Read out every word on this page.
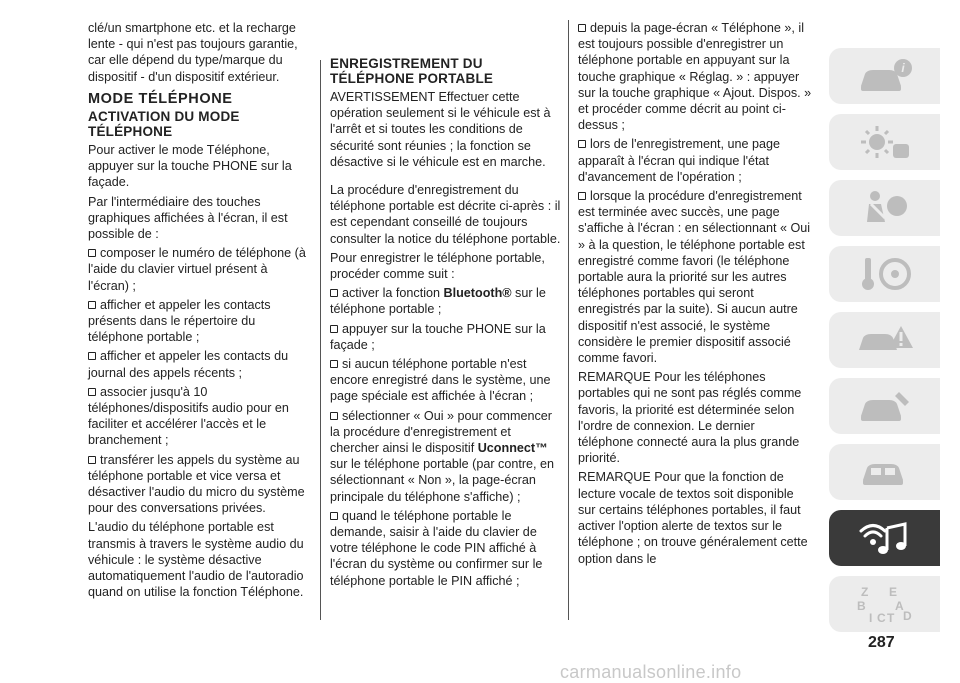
clé/un smartphone etc. et la recharge lente - qui n'est pas toujours garantie, car elle dépend du type/marque du dispositif - d'un dispositif extérieur.

MODE TÉLÉPHONE
ACTIVATION DU MODE TÉLÉPHONE

Pour activer le mode Téléphone, appuyer sur la touche PHONE sur la façade.

Par l'intermédiaire des touches graphiques affichées à l'écran, il est possible de :

composer le numéro de téléphone (à l'aide du clavier virtuel présent à l'écran) ;

afficher et appeler les contacts présents dans le répertoire du téléphone portable ;

afficher et appeler les contacts du journal des appels récents ;

associer jusqu'à 10 téléphones/dispositifs audio pour en faciliter et accélérer l'accès et le branchement ;

transférer les appels du système au téléphone portable et vice versa et désactiver l'audio du micro du système pour des conversations privées.

L'audio du téléphone portable est transmis à travers le système audio du véhicule : le système désactive automatiquement l'audio de l'autoradio quand on utilise la fonction Téléphone.

ENREGISTREMENT DU TÉLÉPHONE PORTABLE

AVERTISSEMENT Effectuer cette opération seulement si le véhicule est à l'arrêt et si toutes les conditions de sécurité sont réunies ; la fonction se désactive si le véhicule est en marche.

La procédure d'enregistrement du téléphone portable est décrite ci-après : il est cependant conseillé de toujours consulter la notice du téléphone portable.

Pour enregistrer le téléphone portable, procéder comme suit :

activer la fonction Bluetooth® sur le téléphone portable ;

appuyer sur la touche PHONE sur la façade ;

si aucun téléphone portable n'est encore enregistré dans le système, une page spéciale est affichée à l'écran ;

sélectionner « Oui » pour commencer la procédure d'enregistrement et chercher ainsi le dispositif Uconnect™ sur le téléphone portable (par contre, en sélectionnant « Non », la page-écran principale du téléphone s'affiche) ;

quand le téléphone portable le demande, saisir à l'aide du clavier de votre téléphone le code PIN affiché à l'écran du système ou confirmer sur le téléphone portable le PIN affiché ;

depuis la page-écran « Téléphone », il est toujours possible d'enregistrer un téléphone portable en appuyant sur la touche graphique « Réglag. » : appuyer sur la touche graphique « Ajout. Dispos. » et procéder comme décrit au point ci-dessus ;

lors de l'enregistrement, une page apparaît à l'écran qui indique l'état d'avancement de l'opération ;

lorsque la procédure d'enregistrement est terminée avec succès, une page s'affiche à l'écran : en sélectionnant « Oui » à la question, le téléphone portable est enregistré comme favori (le téléphone portable aura la priorité sur les autres téléphones portables qui seront enregistrés par la suite). Si aucun autre dispositif n'est associé, le système considère le premier dispositif associé comme favori.

REMARQUE Pour les téléphones portables qui ne sont pas réglés comme favoris, la priorité est déterminée selon l'ordre de connexion. Le dernier téléphone connecté aura la plus grande priorité.

REMARQUE Pour que la fonction de lecture vocale de textos soit disponible sur certains téléphones portables, il faut activer l'option alerte de textos sur le téléphone ; on trouve généralement cette option dans le

i
Z E
B A
I C T D
287
carmanualsonline.info
